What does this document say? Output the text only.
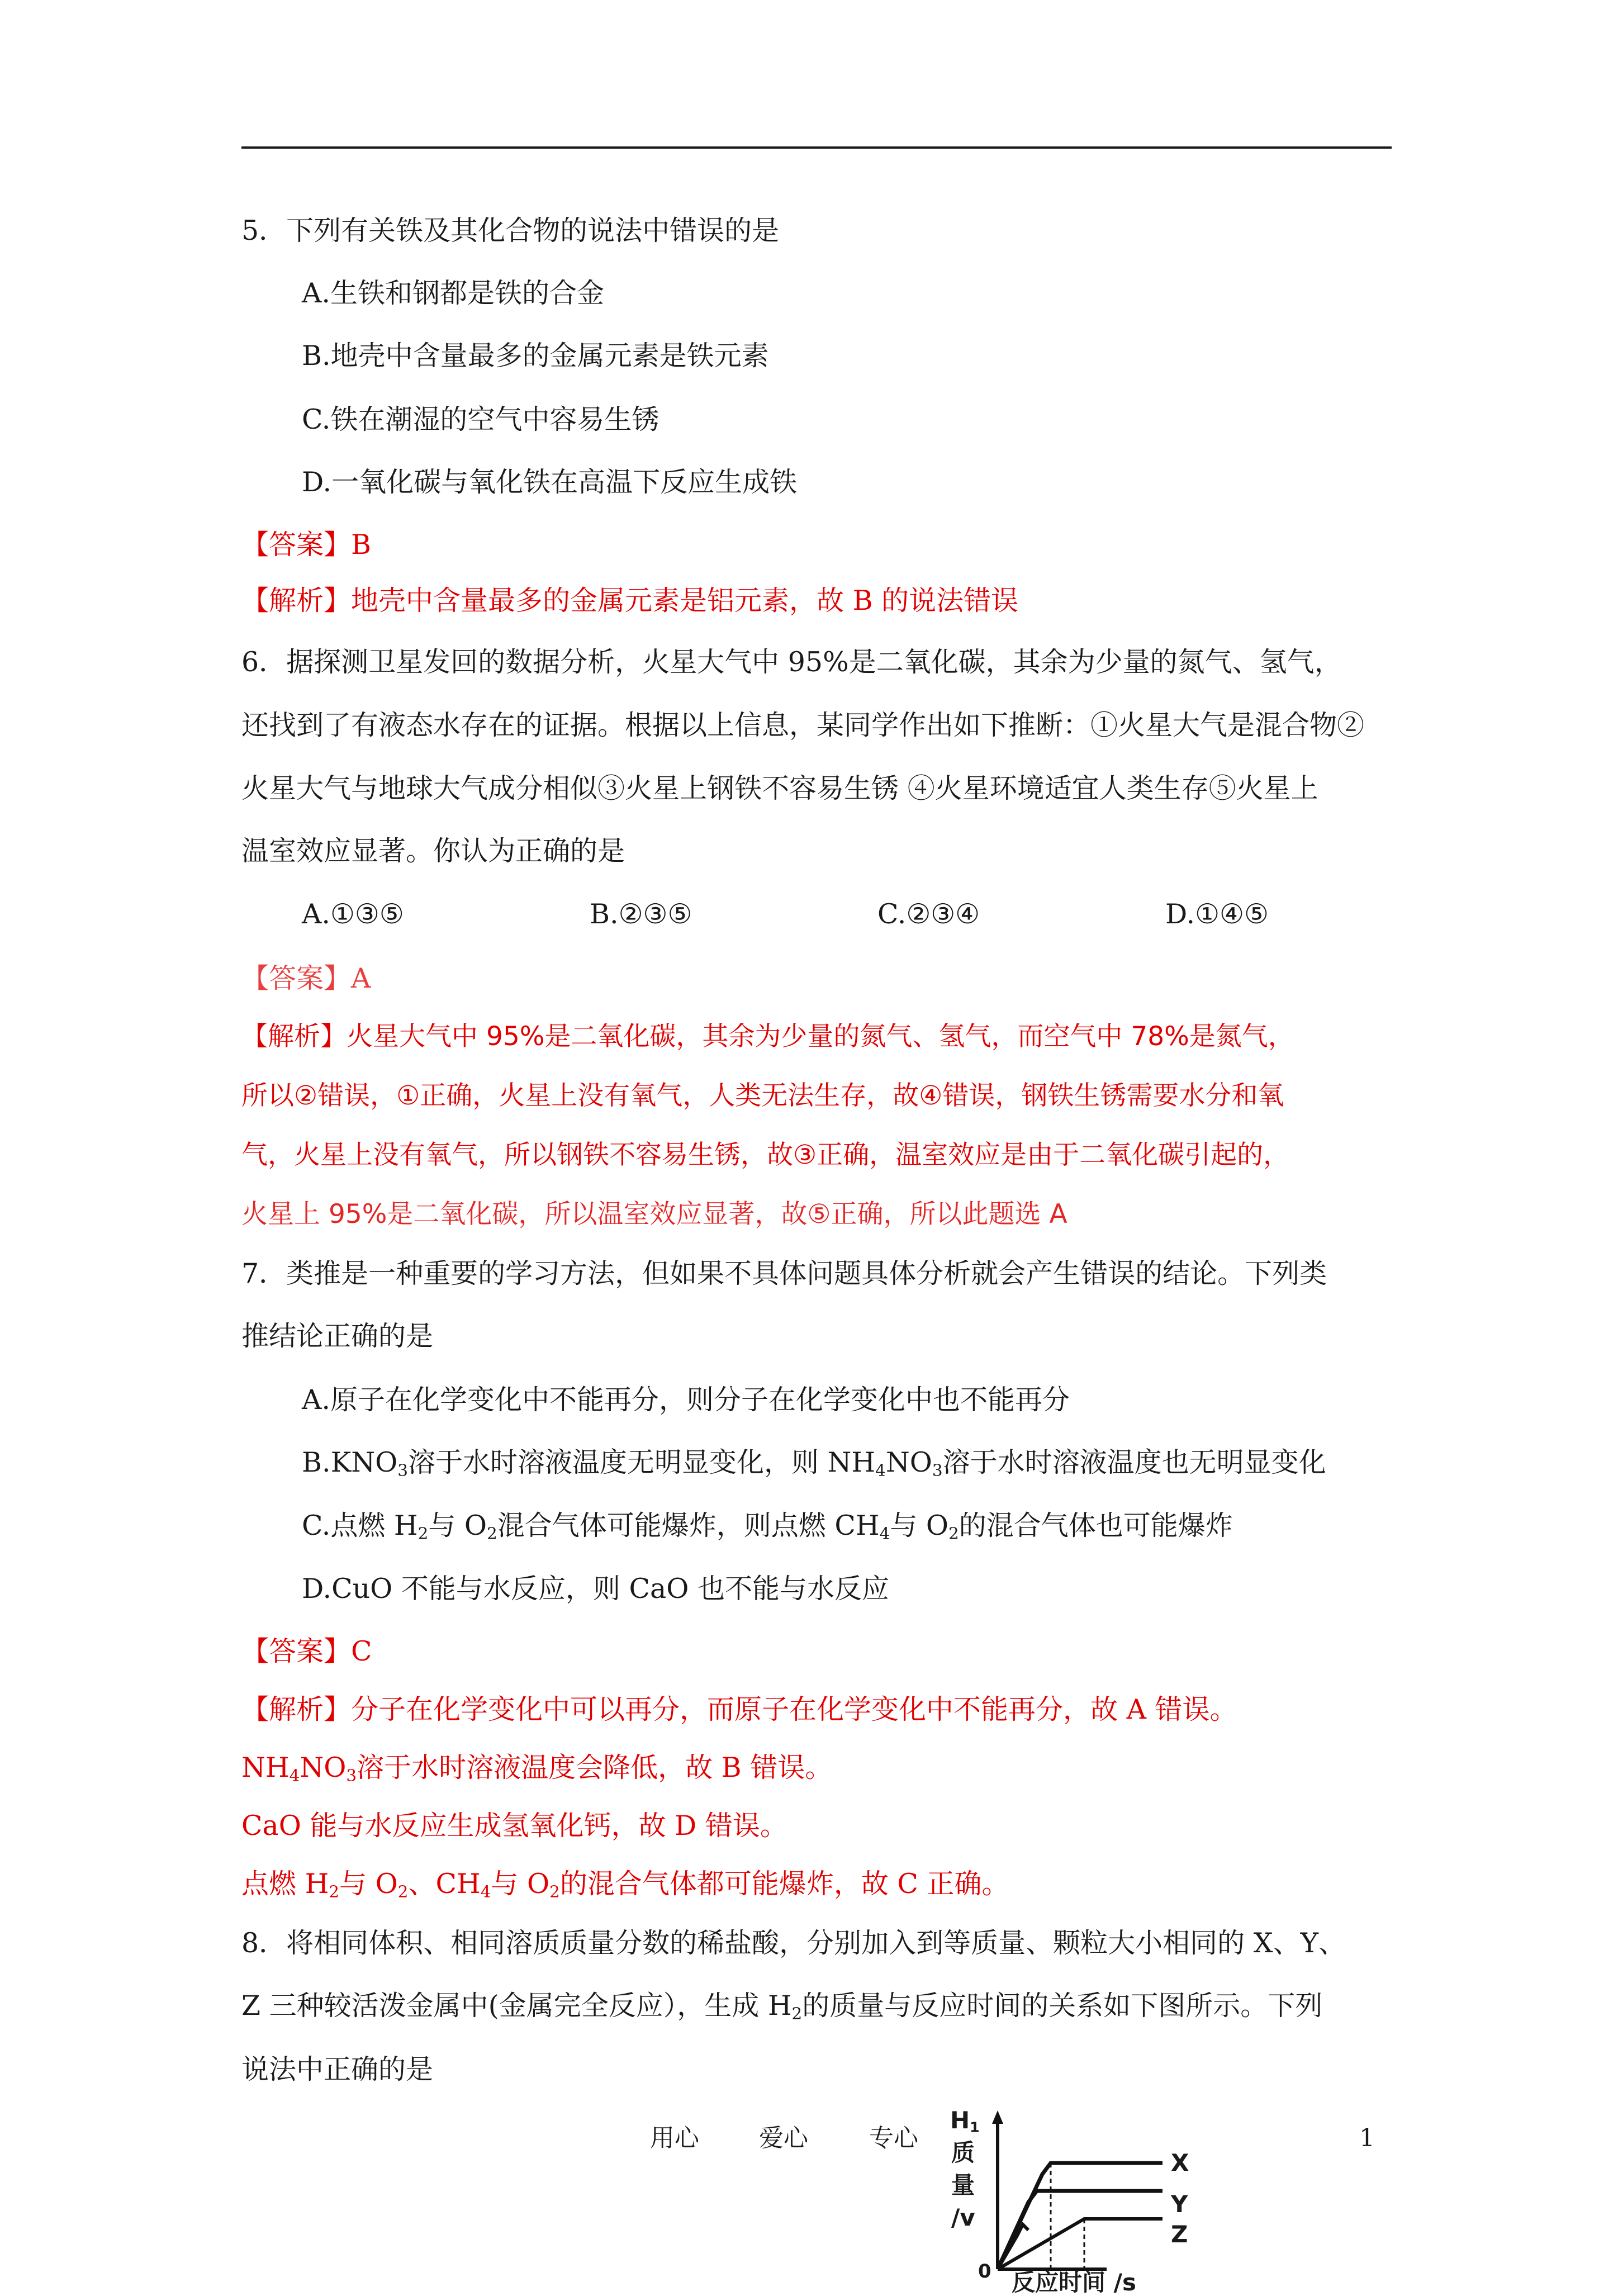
5．下列有关铁及其化合物的说法中错误的是
A.生铁和钢都是铁的合金
B.地壳中含量最多的金属元素是铁元素
C.铁在潮湿的空气中容易生锈
D.一氧化碳与氧化铁在高温下反应生成铁
【答案】B
【解析】地壳中含量最多的金属元素是铝元素，故 B 的说法错误
6．据探测卫星发回的数据分析，火星大气中 95%是二氧化碳，其余为少量的氮气、氢气，
还找到了有液态水存在的证据。根据以上信息，某同学作出如下推断：①火星大气是混合物②
火星大气与地球大气成分相似③火星上钢铁不容易生锈 ④火星环境适宜人类生存⑤火星上
温室效应显著。你认为正确的是
A.①③⑤	B.②③⑤	C.②③④	D.①④⑤
【答案】A
【解析】火星大气中 95%是二氧化碳，其余为少量的氮气、氢气，而空气中 78%是氮气，
所以②错误，①正确，火星上没有氧气，人类无法生存，故④错误，钢铁生锈需要水分和氧
气，火星上没有氧气，所以钢铁不容易生锈，故③正确，温室效应是由于二氧化碳引起的，
火星上 95%是二氧化碳，所以温室效应显著，故⑤正确，所以此题选 A
7．类推是一种重要的学习方法，但如果不具体问题具体分析就会产生错误的结论。下列类
推结论正确的是
A.原子在化学变化中不能再分，则分子在化学变化中也不能再分
$B.KNO_3$溶于水时溶液温度无明显变化，则 $NH_4NO_3$溶于水时溶液温度也无明显变化
C.点燃 $H_2$与 $O_2$混合气体可能爆炸，则点燃 $CH_4$与 $O_2$的混合气体也可能爆炸
D.CuO 不能与水反应，则 CaO 也不能与水反应
【答案】C
【解析】分子在化学变化中可以再分，而原子在化学变化中不能再分，故 A 错误。
$NH_4NO_3$溶于水时溶液温度会降低，故 B 错误。
CaO 能与水反应生成氢氧化钙，故 D 错误。
点燃 $H_2$与 $O_2$、$CH_4$与 $O_2$的混合气体都可能爆炸，故 C 正确。
8．将相同体积、相同溶质质量分数的稀盐酸，分别加入到等质量、颗粒大小相同的 X、Y、
Z 三种较活泼金属中(金属完全反应），生成 $H_2$的质量与反应时间的关系如下图所示。下列
说法中正确的是
用心 爱心 专心	1
$H_1$
质
量
/v
0 反应时间 /s
X
Y
Z
